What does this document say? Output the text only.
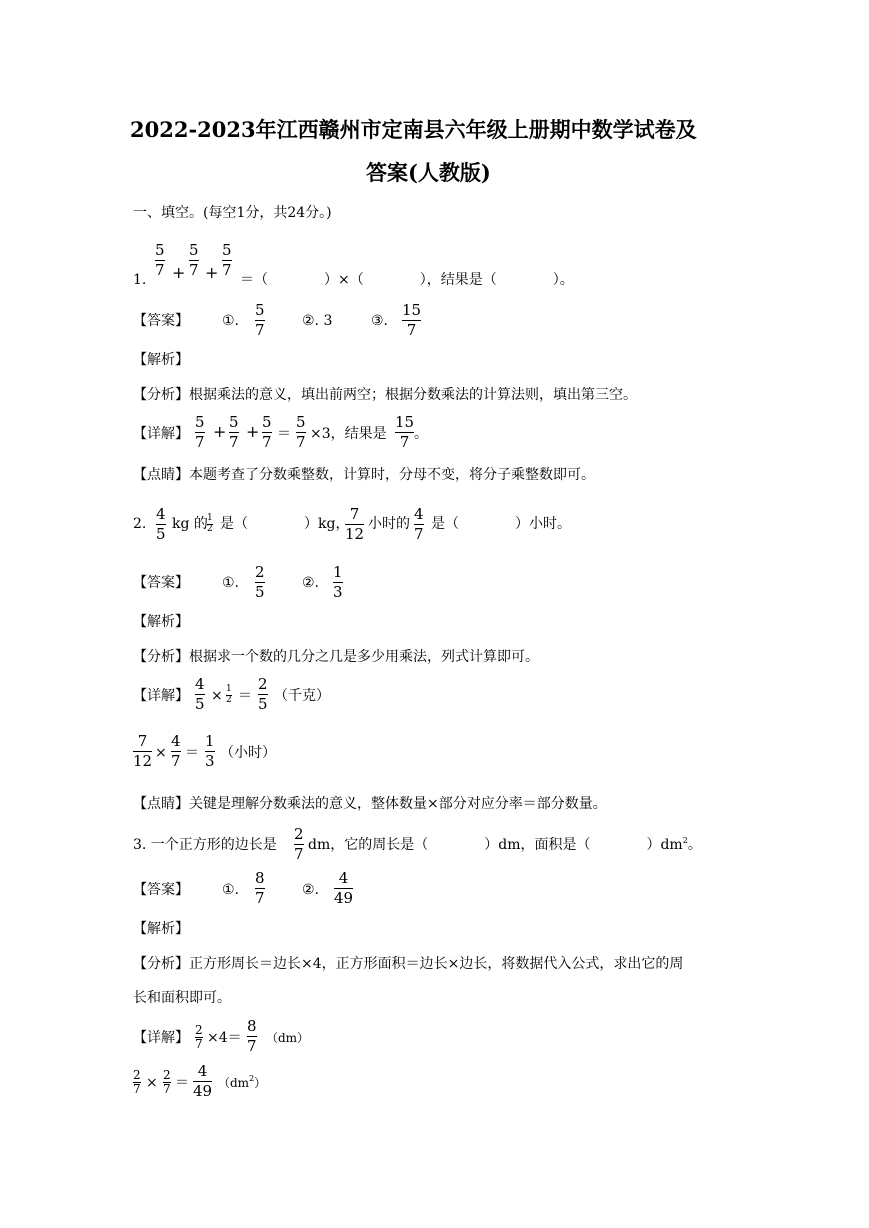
2022-2023年江西赣州市定南县六年级上册期中数学试卷及
答案(人教版)
一、填空。(每空1分，共24分。)
1.
5
7 +
5
7 +
5
7
＝（　　　　）×（　　　　），结果是（　　　　）。
【答案】 ①.
5
7	②. 3	③.
15
7
【解析】
【分析】根据乘法的意义，填出前两空；根据分数乘法的计算法则，填出第三空。
【详解】
5
7
+ 5
7
+ 5
7 ＝
5
7 ×3，结果是
15
7 。
【点睛】本题考查了分数乘整数，计算时，分母不变，将分子乘整数即可。
2.
4
5
kg 的 1
2 是（　　　　）kg，
7
12
小时的
4
7
是（　　　　）小时。
【答案】 ①.
2
5	②.
1
3
【解析】
【分析】根据求一个数的几分之几是多少用乘法，列式计算即可。
【详解】
4
5 × 1
2 ＝
2
5 （千克）
7
12 ×
4
7 ＝
1
3 （小时）
【点睛】关键是理解分数乘法的意义，整体数量×部分对应分率＝部分数量。
3. 一个正方形的边长是
2
7 dm，它的周长是（　　　　）dm，面积是（　　　　）$dm^2$。
【答案】 ①.
8
7	②.
4
49
【解析】
【分析】正方形周长＝边长×4，正方形面积＝边长×边长，将数据代入公式，求出它的周
长和面积即可。
【详解】 2
7 ×4＝
8
7 （dm）
2
7 × 2
7 ＝
4
49 $(dm^2)$
